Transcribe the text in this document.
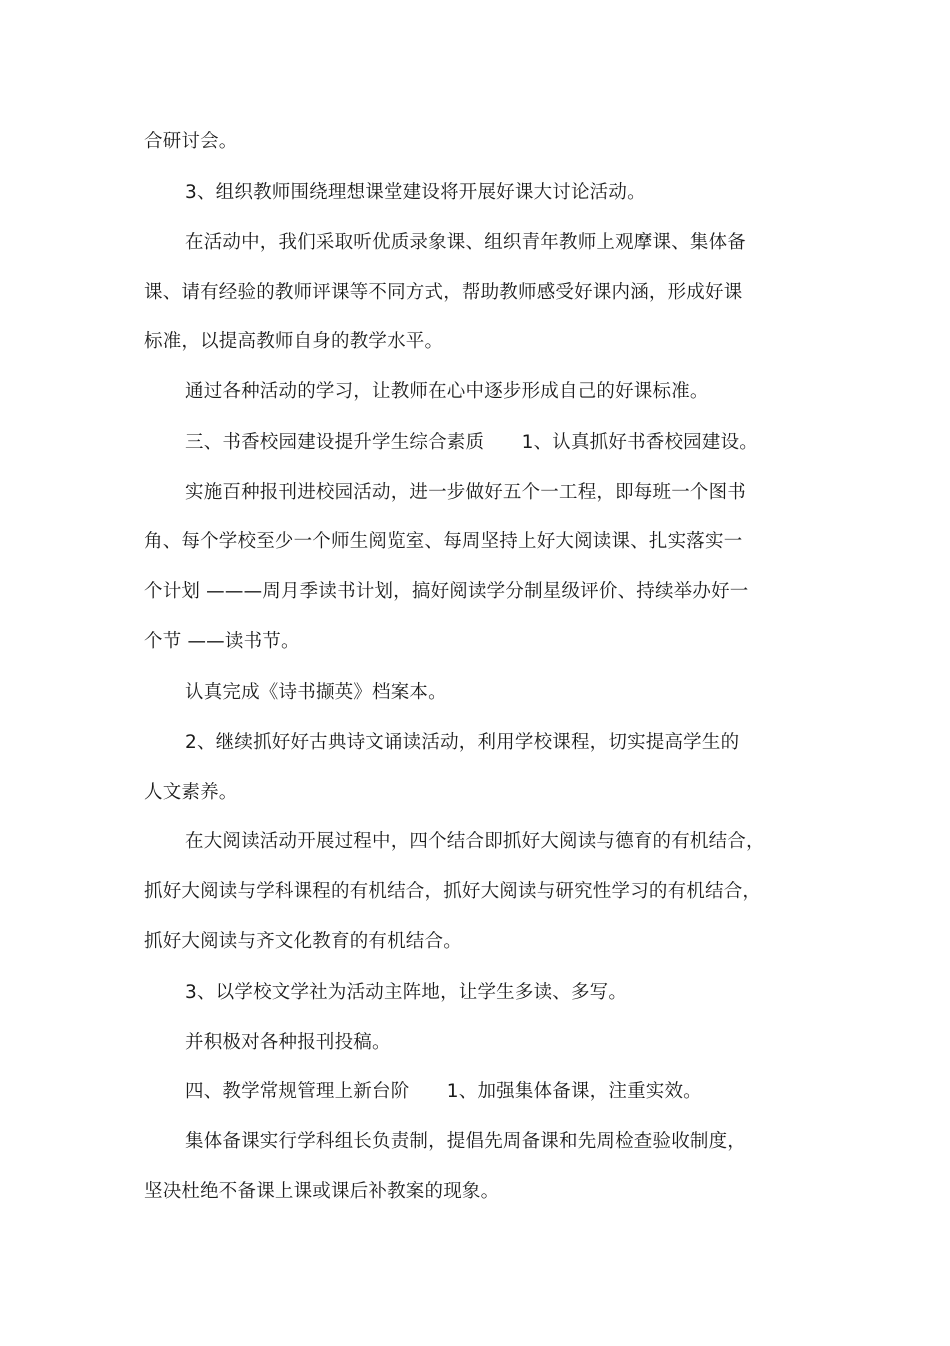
合研讨会。
3、组织教师围绕理想课堂建设将开展好课大讨论活动。
在活动中，我们采取听优质录象课、组织青年教师上观摩课、集体备
课、请有经验的教师评课等不同方式，帮助教师感受好课内涵，形成好课
标准，以提高教师自身的教学水平。
通过各种活动的学习，让教师在心中逐步形成自己的好课标准。
三、书香校园建设提升学生综合素质　　1、认真抓好书香校园建设。
实施百种报刊进校园活动，进一步做好五个一工程，即每班一个图书
角、每个学校至少一个师生阅览室、每周坚持上好大阅读课、扎实落实一
个计划 ———周月季读书计划，搞好阅读学分制星级评价、持续举办好一
个节 ——读书节。
认真完成《诗书撷英》档案本。
2、继续抓好好古典诗文诵读活动，利用学校课程，切实提高学生的
人文素养。
在大阅读活动开展过程中，四个结合即抓好大阅读与德育的有机结合，
抓好大阅读与学科课程的有机结合，抓好大阅读与研究性学习的有机结合，
抓好大阅读与齐文化教育的有机结合。
3、以学校文学社为活动主阵地，让学生多读、多写。
并积极对各种报刊投稿。
四、教学常规管理上新台阶　　1、加强集体备课，注重实效。
集体备课实行学科组长负责制，提倡先周备课和先周检查验收制度，
坚决杜绝不备课上课或课后补教案的现象。
